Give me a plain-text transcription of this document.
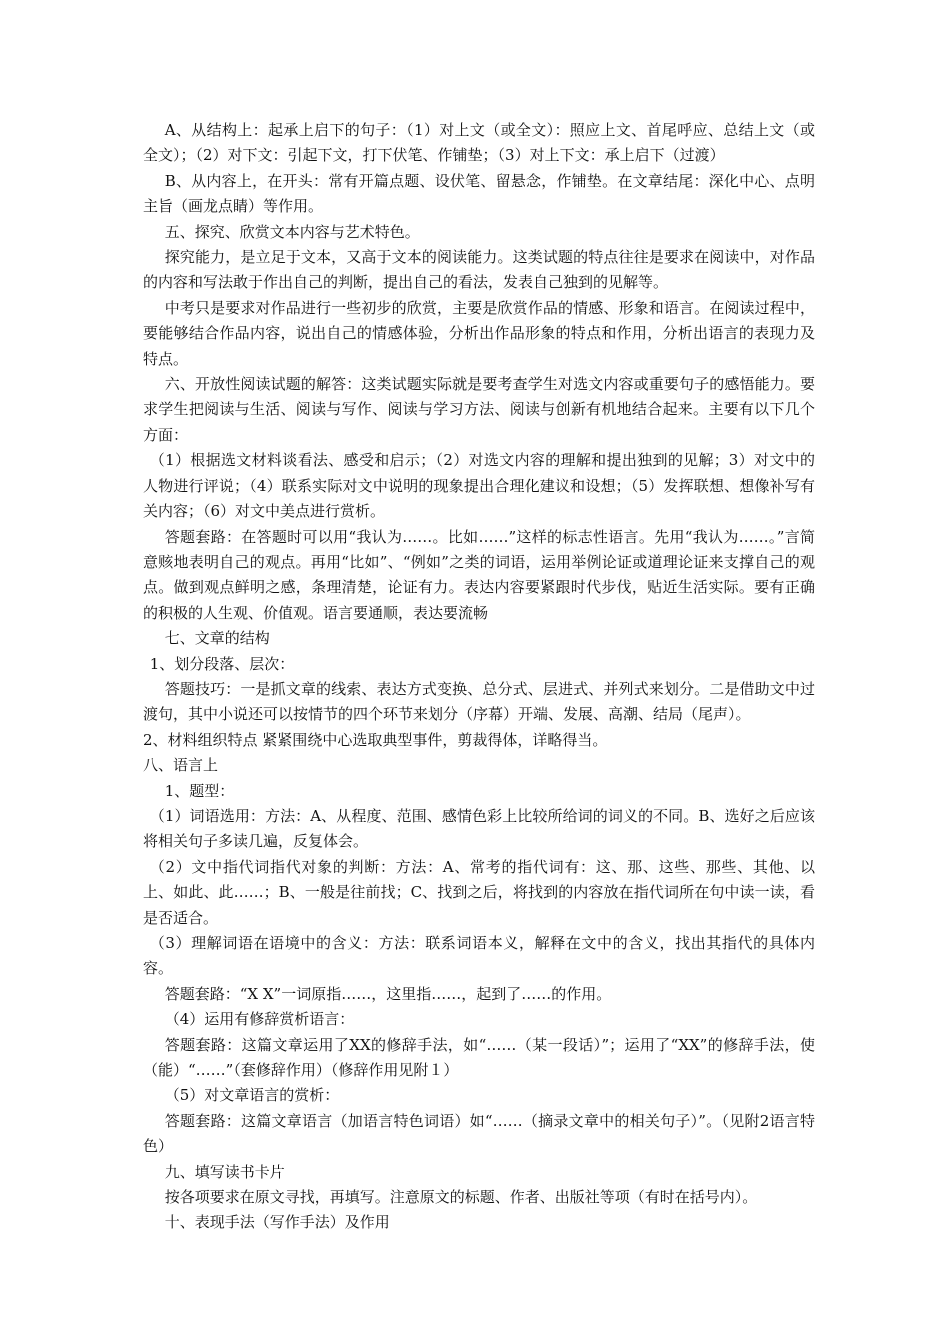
A、从结构上：起承上启下的句子：（1）对上文（或全文）：照应上文、首尾呼应、总结上文（或全文）；（2）对下文：引起下文，打下伏笔、作铺垫；（3）对上下文：承上启下（过渡）

B、从内容上，在开头：常有开篇点题、设伏笔、留悬念，作铺垫。在文章结尾：深化中心、点明主旨（画龙点睛）等作用。

五、探究、欣赏文本内容与艺术特色。

探究能力，是立足于文本，又高于文本的阅读能力。这类试题的特点往往是要求在阅读中，对作品的内容和写法敢于作出自己的判断，提出自己的看法，发表自己独到的见解等。

中考只是要求对作品进行一些初步的欣赏，主要是欣赏作品的情感、形象和语言。在阅读过程中，要能够结合作品内容，说出自己的情感体验，分析出作品形象的特点和作用，分析出语言的表现力及特点。

六、开放性阅读试题的解答：这类试题实际就是要考查学生对选文内容或重要句子的感悟能力。要求学生把阅读与生活、阅读与写作、阅读与学习方法、阅读与创新有机地结合起来。主要有以下几个方面：

（1）根据选文材料谈看法、感受和启示；（2）对选文内容的理解和提出独到的见解；3）对文中的人物进行评说；（4）联系实际对文中说明的现象提出合理化建议和设想；（5）发挥联想、想像补写有关内容；（6）对文中美点进行赏析。

答题套路：在答题时可以用“我认为……。比如……”这样的标志性语言。先用“我认为……。”言简意赅地表明自己的观点。再用“比如”、“例如”之类的词语，运用举例论证或道理论证来支撑自己的观点。做到观点鲜明之感，条理清楚，论证有力。表达内容要紧跟时代步伐，贴近生活实际。要有正确的积极的人生观、价值观。语言要通顺，表达要流畅

七、文章的结构

1、划分段落、层次：

答题技巧：一是抓文章的线索、表达方式变换、总分式、层进式、并列式来划分。二是借助文中过渡句，其中小说还可以按情节的四个环节来划分（序幕）开端、发展、高潮、结局（尾声）。

2、材料组织特点 紧紧围绕中心选取典型事件，剪裁得体，详略得当。

八、语言上

1、题型：

（1）词语选用：方法：A、从程度、范围、感情色彩上比较所给词的词义的不同。B、选好之后应该将相关句子多读几遍，反复体会。

（2）文中指代词指代对象的判断：方法：A、常考的指代词有：这、那、这些、那些、其他、以上、如此、此……；B、一般是往前找；C、找到之后，将找到的内容放在指代词所在句中读一读，看是否适合。

（3）理解词语在语境中的含义：方法：联系词语本义，解释在文中的含义，找出其指代的具体内容。

答题套路：“X X”一词原指……，这里指……，起到了……的作用。

（4）运用有修辞赏析语言：

答题套路：这篇文章运用了XX的修辞手法，如“……（某一段话）”；运用了“XX”的修辞手法，使（能）“……”（套修辞作用）（修辞作用见附１）

（5）对文章语言的赏析：

答题套路：这篇文章语言（加语言特色词语）如“……（摘录文章中的相关句子）”。（见附2语言特色）

九、填写读书卡片

按各项要求在原文寻找，再填写。注意原文的标题、作者、出版社等项（有时在括号内）。

十、表现手法（写作手法）及作用
